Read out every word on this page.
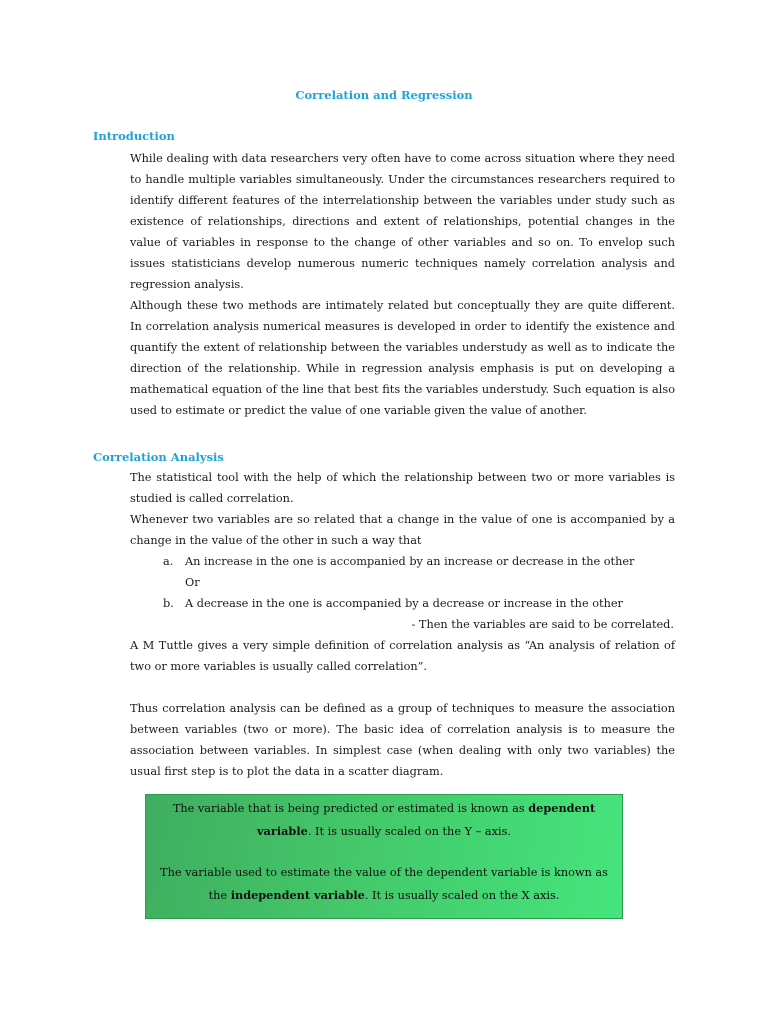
Correlation and Regression
Introduction
While dealing with data researchers very often have to come across situation where they need to handle multiple variables simultaneously. Under the circumstances researchers required to identify different features of the interrelationship between the variables under study such as existence of relationships, directions and extent of relationships, potential changes in the value of variables in response to the change of other variables and so on. To envelop such issues statisticians develop numerous numeric techniques namely correlation analysis and regression analysis.
Although these two methods are intimately related but conceptually they are quite different. In correlation analysis numerical measures is developed in order to identify the existence and quantify the extent of relationship between the variables understudy as well as to indicate the direction of the relationship. While in regression analysis emphasis is put on developing a mathematical equation of the line that best fits the variables understudy. Such equation is also used to estimate or predict the value of one variable given the value of another.
Correlation Analysis
The statistical tool with the help of which the relationship between two or more variables is studied is called correlation.
Whenever two variables are so related that a change in the value of one is accompanied by a change in the value of the other in such a way that
a. An increase in the one is accompanied by an increase or decrease in the other
Or
b. A decrease in the one is accompanied by a decrease or increase in the other
- Then the variables are said to be correlated.
A M Tuttle gives a very simple definition of correlation analysis as “An analysis of relation of two or more variables is usually called correlation”.
Thus correlation analysis can be defined as a group of techniques to measure the association between variables (two or more). The basic idea of correlation analysis is to measure the association between variables. In simplest case (when dealing with only two variables) the usual first step is to plot the data in a scatter diagram.
The variable that is being predicted or estimated is known as dependent variable. It is usually scaled on the Y – axis.
The variable used to estimate the value of the dependent variable is known as the independent variable. It is usually scaled on the X axis.
